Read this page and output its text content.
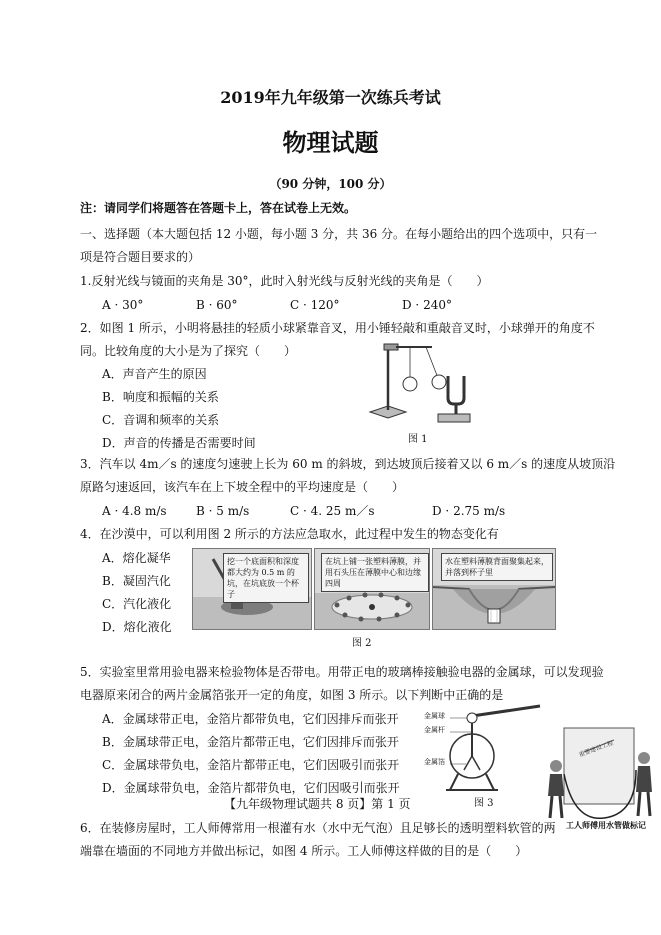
2019年九年级第一次练兵考试
物理试题
（90 分钟，100 分）
注：请同学们将题答在答题卡上，答在试卷上无效。
一、选择题（本大题包括 12 小题，每小题 3 分，共 36 分。在每小题给出的四个选项中，只有一
项是符合题目要求的）
1.反射光线与镜面的夹角是 30°，此时入射光线与反射光线的夹角是（　　）
A · 30°	B · 60°	C · 120°	D · 240°
2．如图 1 所示，小明将悬挂的轻质小球紧靠音叉，用小锤轻敲和重敲音叉时，小球弹开的角度不
同。比较角度的大小是为了探究（　　）
A．声音产生的原因
B．响度和振幅的关系
C．音调和频率的关系
D．声音的传播是否需要时间	图 1
3．汽车以 4m／s 的速度匀速驶上长为 60 m 的斜坡，到达坡顶后接着又以 6 m／s 的速度从坡顶沿
原路匀速返回，该汽车在上下坡全程中的平均速度是（　　）
A · 4.8 m/s B · 5 m/s	C · 4. 25 m／s	D · 2.75 m/s
4．在沙漠中，可以利用图 2 所示的方法应急取水，此过程中发生的物态变化有
A．熔化凝华
B．凝固汽化
C．汽化液化
D．熔化液化
挖一个底面积和深度都大约为 0.5 m 的坑，在坑底放一个杯子
在坑上铺一张塑料薄膜，并用石头压在薄膜中心和边缘四周
水在塑料薄膜背面聚集起来，并落到杯子里
图 2
5．实验室里常用验电器来检验物体是否带电。用带正电的玻璃棒接触验电器的金属球，可以发现验
电器原来闭合的两片金属箔张开一定的角度，如图 3 所示。以下判断中正确的是
A．金属球带正电，金箔片都带负电，它们因排斥而张开
B．金属球带正电，金箔片都带正电，它们因排斥而张开
C．金属球带负电，金箔片都带正电，它们因吸引而张开
D．金属球带负电，金箔片都带负电，它们因吸引而张开
金属球
金属杆
金属箔
图 3
重要建设工程
工人师傅用水管做标记
【九年级物理试题共 8 页】第 1 页
6．在装修房屋时，工人师傅常用一根灌有水（水中无气泡）且足够长的透明塑料软管的两
端靠在墙面的不同地方并做出标记，如图 4 所示。工人师傅这样做的目的是（　　）
